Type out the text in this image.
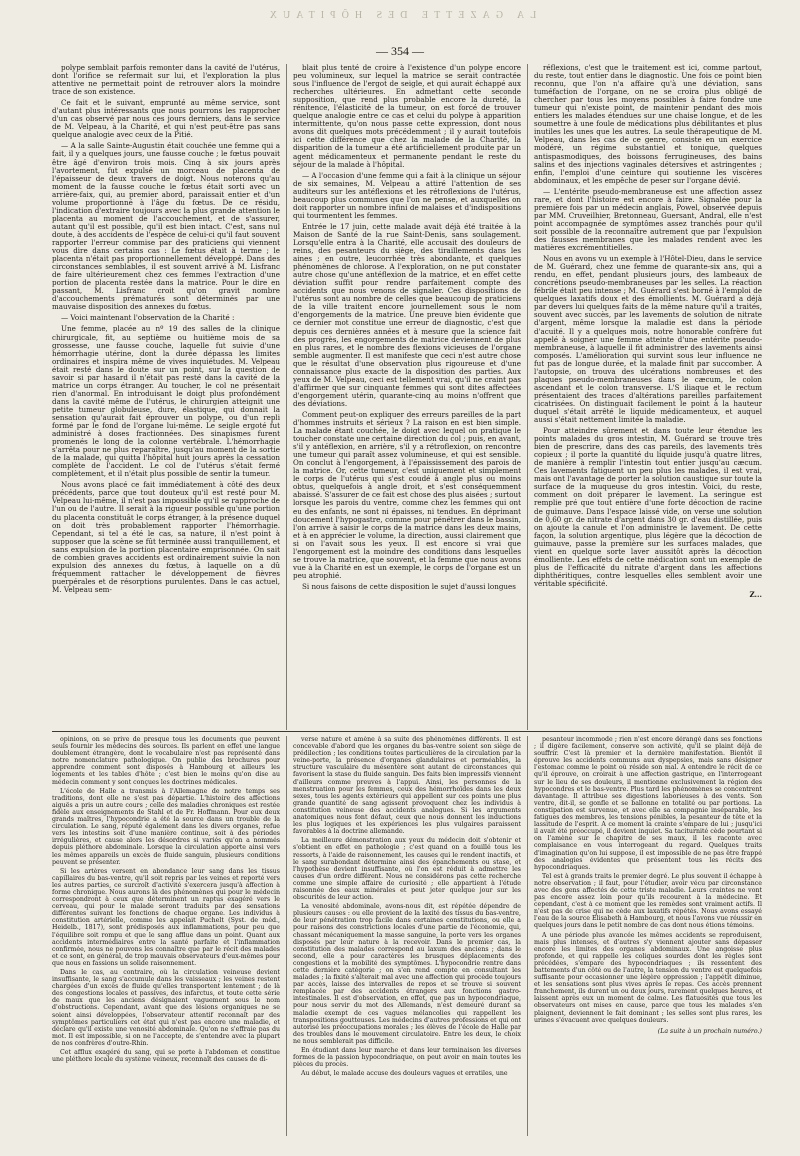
LA GAZETTE DES HÔPITAUX
— 354 —

polype semblait parfois remonter dans la cavité de l'utérus, dont l'orifice se refermait sur lui, et l'exploration la plus attentive ne permettait point de retrouver alors la moindre trace de son existence.

Ce fait et le suivant, emprunté au même service, sont d'autant plus intéressants que nous pourrons les rapprocher d'un cas observé par nous ces jours derniers, dans le service de M. Velpeau, à la Charité, et qui n'est peut-être pas sans quelque analogie avec ceux de la Pitié.

— A la salle Sainte-Augustin était couchée une femme qui a fait, il y a quelques jours, une fausse couche ; le fœtus pouvait être âgé d'environ trois mois. Cinq à six jours après l'avortement, fut expulsé un morceau de placenta de l'épaisseur de deux travers de doigt. Nous noterons qu'au moment de la fausse couche le fœtus était sorti avec un arrière-faix, qui, au premier abord, paraissait entier et d'un volume proportionné à l'âge du fœtus. De ce résidu, l'indication d'extraire toujours avec la plus grande attention le placenta au moment de l'accouchement, et de s'assurer, autant qu'il est possible, qu'il est bien intact. C'est, sans nul doute, à des accidents de l'espèce de celui-ci qu'il faut souvent rapporter l'erreur commise par des praticiens qui viennent vous dire dans certains cas : Le fœtus était à terme ; le placenta n'était pas proportionnellement développé. Dans des circonstances semblables, il est souvent arrivé à M. Lisfranc de faire ultérieurement chez ces femmes l'extraction d'une portion de placenta restée dans la matrice. Pour le dire en passant, M. Lisfranc croit qu'on gravit nombre d'accouchements prématurés sont déterminés par une mauvaise disposition des annexes du fœtus.

— Voici maintenant l'observation de la Charité :

Une femme, placée au nº 19 des salles de la clinique chirurgicale, fit, au septième ou huitième mois de sa grossesse, une fausse couche, laquelle fut suivie d'une hémorrhagie utérine, dont la durée dépassa les limites ordinaires et inspira même de vives inquiétudes. M. Velpeau était resté dans le doute sur un point, sur la question de savoir si par hasard il n'était pas resté dans la cavité de la matrice un corps étranger. Au toucher, le col ne présentait rien d'anormal. En introduisant le doigt plus profondément dans la cavité même de l'utérus, le chirurgien atteignit une petite tumeur globuleuse, dure, élastique, qui donnait la sensation qu'aurait fait éprouver un polype, ou d'un repli formé par le fond de l'organe lui-même. Le seigle ergoté fut administré à doses fractionnées. Des sinapismes furent promenés le long de la colonne vertébrale. L'hémorrhagie s'arrêta pour ne plus reparaître, jusqu'au moment de la sortie de la malade, qui quitta l'hôpital huit jours après la cessation complète de l'accident. Le col de l'utérus s'était fermé complètement, et il n'était plus possible de sentir la tumeur.

Nous avons placé ce fait immédiatement à côté des deux précédents, parce que tout douteux qu'il est resté pour M. Velpeau lui-même, il n'est pas impossible qu'il se rapproche de l'un ou de l'autre. Il serait à la rigueur possible qu'une portion du placenta constituât le corps étranger, à la présence duquel on doit très probablement rapporter l'hémorrhagie. Cependant, si tel a été le cas, sa nature, il n'est point à supposer que la scène se fût terminée aussi tranquillement, et sans expulsion de la portion placentaire emprisonnée. On sait de combien graves accidents est ordinairement suivie la non expulsion des annexes du fœtus, à laquelle on a dû fréquemment rattacher le développement de fièvres puerpérales et de résorptions purulentes. Dans le cas actuel, M. Velpeau sem-

blait plus tenté de croire à l'existence d'un polype encore peu volumineux, sur lequel la matrice se serait contractée sous l'influence de l'ergot de seigle, et qui aurait échappé aux recherches ultérieures. En admettant cette seconde supposition, que rend plus probable encore la dureté, la rénitence, l'élasticité de la tumeur, on est forcé de trouver quelque analogie entre ce cas et celui du polype à apparition intermittente, qu'on nous passe cette expression, dont nous avons dit quelques mots précédemment ; il y aurait toutefois ici cette différence que chez la malade de la Charité, la disparition de la tumeur a été artificiellement produite par un agent médicamenteux et permanente pendant le reste du séjour de la malade à l'hôpital.

— A l'occasion d'une femme qui a fait à la clinique un séjour de six semaines, M. Velpeau a attiré l'attention de ses auditeurs sur les antéflexions et les rétroflexions de l'utérus, beaucoup plus communes que l'on ne pense, et auxquelles on doit rapporter un nombre infini de malaises et d'indispositions qui tourmentent les femmes.

Entrée le 17 juin, cette malade avait déjà été traitée à la Maison de Santé de la rue Saint-Denis, sans soulagement. Lorsqu'elle entra à la Charité, elle accusait des douleurs de reins, des pesanteurs du siège, des tiraillements dans les aines ; en outre, leucorrhée très abondante, et quelques phénomènes de chlorose. A l'exploration, on ne put constater autre chose qu'une antéflexion de la matrice, et en effet cette déviation suffit pour rendre parfaitement compte des accidents que nous venons de signaler. Ces dispositions de l'utérus sont au nombre de celles que beaucoup de praticiens de la ville traitent encore journellement sous le nom d'engorgements de la matrice. Une preuve bien évidente que ce dernier mot constitue une erreur de diagnostic, c'est que depuis ces dernières années et à mesure que la science fait des progrès, les engorgements de matrice deviennent de plus en plus rares, et le nombre des flexions vicieuses de l'organe semble augmenter. Il est manifeste que ceci n'est autre chose que le résultat d'une observation plus rigoureuse et d'une connaissance plus exacte de la disposition des parties. Aux yeux de M. Velpeau, ceci est tellement vrai, qu'il ne craint pas d'affirmer que sur cinquante femmes qui sont dites affectées d'engorgement utérin, quarante-cinq au moins n'offrent que des déviations.

Comment peut-on expliquer des erreurs pareilles de la part d'hommes instruits et sérieux ? La raison en est bien simple. La malade étant couchée, le doigt avec lequel on pratique le toucher constate une certaine direction du col ; puis, en avant, s'il y antéflexion, en arrière, s'il y a rétroflexion, on rencontre une tumeur qui paraît assez volumineuse, et qui est sensible. On conclut à l'engorgement, à l'épaississement des parois de la matrice. Or, cette tumeur, c'est uniquement et simplement le corps de l'utérus qui s'est coudé à angle plus ou moins obtus, quelquefois à angle droit, et s'est conséquemment abaissé. S'assurer de ce fait est chose des plus aisées ; surtout lorsque les parois du ventre, comme chez les femmes qui ont eu des enfants, ne sont ni épaisses, ni tendues. En déprimant doucement l'hypogastre, comme pour pénétrer dans le bassin, l'on arrive à saisir le corps de la matrice dans les deux mains, et à en apprécier le volume, la direction, aussi clairement que si on l'avait sous les yeux. Il est encore si vrai que l'engorgement est la moindre des conditions dans lesquelles se trouve la matrice, que souvent, et la femme que nous avons vue à la Charité en est un exemple, le corps de l'organe est un peu atrophié.

Si nous faisons de cette disposition le sujet d'aussi longues

réflexions, c'est que le traitement est ici, comme partout, du reste, tout entier dans le diagnostic. Une fois ce point bien reconnu, que l'on n'a affaire qu'à une déviation, sans tuméfaction de l'organe, on ne se croira plus obligé de chercher par tous les moyens possibles à faire fondre une tumeur qui n'existe point, de maintenir pendant des mois entiers les malades étendues sur une chaise longue, et de les soumettre à une foule de médications plus débilitantes et plus inutiles les unes que les autres. La seule thérapeutique de M. Velpeau, dans les cas de ce genre, consiste en un exercice modéré, un régime substantiel et tonique, quelques antispasmodiques, des boissons ferrugineuses, des bains salins et des injections vaginales détersives et astringentes ; enfin, l'emploi d'une ceinture qui soutienne les viscères abdominaux, et les empêche de peser sur l'organe dévié.

— L'entérite pseudo-membraneuse est une affection assez rare, et dont l'histoire est encore à faire. Signalée pour la première fois par un médecin anglais, Powel, observée depuis par MM. Cruveilhier, Bretonneau, Guersant, Andral, elle n'est point accompagnée de symptômes assez tranchés pour qu'il soit possible de la reconnaître autrement que par l'expulsion des fausses membranes que les malades rendent avec les matières excrémentitielles.

Nous en avons vu un exemple à l'Hôtel-Dieu, dans le service de M. Guérard, chez une femme de quarante-six ans, qui a rendu, en effet, pendant plusieurs jours, des lambeaux de concrétions pseudo-membraneuses par les selles. La réaction fébrile était peu intense ; M. Guérard s'est borné à l'emploi de quelques laxatifs doux et des émollients. M. Guérard a déjà par devers lui quelques faits de la même nature qu'il a traités, souvent avec succès, par les lavements de solution de nitrate d'argent, même lorsque la maladie est dans la période d'acuité. Il y a quelques mois, notre honorable confrère fut appelé à soigner une femme atteinte d'une entérite pseudo-membraneuse, à laquelle il fit administrer des lavements ainsi composés. L'amélioration qui survint sous leur influence ne fut pas de longue durée, et la malade finit par succomber. A l'autopsie, on trouva des ulcérations nombreuses et des plaques pseudo-membraneuses dans le cæcum, le colon ascendant et le colon transverse. L'S iliaque et le rectum présentaient des traces d'altérations pareilles parfaitement cicatrisées. On distinguait facilement le point à la hauteur duquel s'était arrêté le liquide médicamenteux, et auquel aussi s'était nettement limitée la maladie.

Pour atteindre sûrement et dans toute leur étendue les points malades du gros intestin, M. Guérard se trouve très bien de prescrire, dans des cas pareils, des lavements très copieux ; il porte la quantité du liquide jusqu'à quatre litres, de manière à remplir l'intestin tout entier jusqu'au cæcum. Ces lavements fatiguent un peu plus les malades, il est vrai, mais ont l'avantage de porter la solution caustique sur toute la surface de la muqueuse du gros intestin. Voici, du reste, comment on doit préparer le lavement. La seringue est remplie pré que tout entière d'une forte décoction de racine de guimauve. Dans l'espace laissé vide, on verse une solution de 0,60 gr. de nitrate d'argent dans 30 gr. d'eau distillée, puis on ajoute la canule et l'on administre le lavement. De cette façon, la solution argentique, plus légère que la décoction de guimauve, passe la première sur les surfaces malades, que vient en quelque sorte laver aussitôt après la décoction émolliente. Les effets de cette médication sont un exemple de plus de l'efficacité du nitrate d'argent dans les affections diphthéritiques, contre lesquelles elles semblent avoir une véritable spécificité.

Z...

opinions, on se prive de presque tous les documents que peuvent seuls fournir les médecins des sources. Ils parlent en effet une langue doublement étrangère, dont le vocabulaire n'est pas représenté dans notre nomenclature pathologique. On publie des brochures pour apprendre comment sont disposés à Hambourg et ailleurs les logements et les tables d'hôte ; c'est bien le moins qu'on dise au médecin comment y sont conçues les doctrines médicales.

L'école de Halle a transmis à l'Allemagne de notre temps ses traditions, dont elle ne s'est pas départie. L'histoire des affections aiguës a pris un autre cours ; celle des maladies chroniques est restée fidèle aux enseignements de Stahl et de Fr. Hoffmann. Pour eux deux grands maîtres, l'hypocondrie a été la source dans un trouble de la circulation. Le sang, réputé également dans les divers organes, refue vers les intestins soit d'une manière continue, soit à des périodes irrégulières, et cause alors les désordres si variés qu'on a nommés depuis pléthore abdominale. Lorsque la circulation apporte ainsi vers les mêmes appareils un excès de fluide sanguin, plusieurs conditions peuvent se présenter.

Si les artères versent en abondance leur sang dans les tissus capillaires du bas-ventre, qu'il soit repris par les veines et reporté vers les autres parties, ce surcroît d'activité s'exercera jusqu'à affection à forme chronique. Nous aurons là des phénomènes qui pour le médecin correspondront à ceux que déterminent un raptus exagéré vers le cerveau, qui pour le malade seront traduits par des sensations différentes suivant les fonctions de chaque organe. Les individus à constitution artérielle, comme les appelait Puchelt (Syst. de méd., Heidelb., 1817), sont prédisposés aux inflammations, pour peu que l'équilibre soit rompu et que le sang afflue dans un point. Quant aux accidents intermédiaires entre la santé parfaite et l'inflammation confirmée, nous ne pouvons les connaître que par le récit des malades et ce sont, en général, de trop mauvais observateurs d'eux-mêmes pour que nous en fassions un solide raisonnement.

Dans le cas, au contraire, où la circulation veineuse devient insuffisante, le sang s'accumule dans les vaisseaux ; les veines restent chargées d'un excès de fluide qu'elles transportent lentement ; de là des congestions locales et passives, des infarctus, et toute cette série de maux que les anciens désignaient vaguement sous le nom d'obstructions. Cependant, avant que des lésions organiques ne se soient ainsi développées, l'observateur attentif reconnaît par des symptômes particuliers cet état qui n'est pas encore une maladie, et déclare qu'il existe une venosité abdominale. Qu'on ne s'effraie pas du mot. Il est impossible, si on ne l'accepte, de s'entendre avec la plupart de nos confrères d'outre-Rhin.

Cet afflux exagéré du sang, qui se porte à l'abdomen et constitue une pléthore locale du système veineux, reconnaît des causes de di-

verse nature et amène à sa suite des phénomènes différents. Il est concevable d'abord que les organes du bas-ventre soient son siège de prédilection ; les conditions toutes particulières de la circulation par la veine-porte, la présence d'organes glandulaires et perméables, la structure vasculaire du mésentère sont autant de circonstances qui favorisent la stase du fluide sanguin. Des faits bien impressifs viennent d'ailleurs comme preuves à l'appui. Ainsi, les personnes de la menstruation pour les femmes, ceux des hémorrhoïdes dans les deux sexes, tous les agents extérieurs qui appellent sur ces points une plus grande quantité de sang agissent provoquent chez les individus à constitution veineuse des accidents analogues. Si les arguments anatomiques nous font défaut, ceux que nous donnent les inductions les plus logiques et les expériences les plus vulgaires paraissent favorables à la doctrine allemande.

La meilleure démonstration aux yeux du médecin doit s'obtenir et s'obtient en effet en pathologie ; c'est quand on a fouillé tous les ressorts, à l'aide de raisonnement, les causes qui le rendent inactifs, et le sang surabondant détermine ainsi des épanchements ou stase, et l'hypothèse devient insuffisante, où l'on est réduit à admettre les causes d'un ordre différent. Nous ne considérons pas cette recherche comme une simple affaire de curiosité ; elle appartient à l'étude raisonnée des eaux minérales et peut jeter quelque jour sur les obscurités de leur action.

La venosité abdominale, avons-nous dit, est répétée dépendre de plusieurs causes : ou elle provient de la laxité des tissus du bas-ventre, de leur pénétration trop facile dans certaines constitutions, ou elle a pour raisons des constrictions locales d'une partie de l'économie, qui, chassant mécaniquement la masse sanguine, la porte vers les organes disposés par leur nature à la recevoir. Dans le premier cas, la constitution des malades correspond au laxum des anciens ; dans le second, elle a pour caractères les brusques déplacements des congestions et la mobilité des symptômes. L'hypocondrie rentre dans cette dernière catégorie ; on s'en rend compte en consultant les malades ; la fixité s'alterait mal avec une affection qui procède toujours par accès, laisse des intervalles de repos et se trouve si souvent remplacée par des accidents étrangers aux fonctions gastro-intestinales. Il est d'observation, en effet, que pas un hypocondriaque, pour nous servir du mot des Allemands, n'est demeuré durant sa maladie exempt de ces vagues mélancolies qui rappellent les transpositions goutteuses. Les médecins d'autres professions et qui ont autorisé les préoccupations morales ; les élèves de l'école de Halle par des troubles dans le mouvement circulatoire. Entre les deux, le choix ne nous semblerait pas difficile.

En étudiant dans leur marche et dans leur terminaison les diverses formes de la passion hypocondriaque, on peut avoir en main toutes les pièces du procès.

Au début, le malade accuse des douleurs vagues et erratiles, une

pesanteur incommode ; rien n'est encore dérangé dans ses fonctions ; il digère facilement, conserve son activité, qu'il se plaint déjà de souffrir. C'est là premier et la dernière manifestation. Bientôt il éprouve les accidents communs aux dyspepsies, mais sans désigner l'estomac comme le point où réside son mal. A entendre le récit de ce qu'il éprouve, on croirait à une affection gastrique, en l'interrogeant sur le lieu de ses douleurs, il mentionne exclusivement la région des hypocondres et le bas-ventre. Plus tard les phénomènes se concentrent davantage. Il attribue ses digestions laborieuses à des vents. Son ventre, dit-il, se gonfle et se ballonne en totalité ou par portions. La constipation est survenue, et avec elle sa compagnie inséparable, les fatigues des membres, les tensions pénibles, la pesanteur de tête et la lassitude de l'esprit. A ce moment la crainte s'empare de lui ; jusqu'ici il avait été préoccupé, il devient inquiet. Sa taciturnité cède pourtant si on l'amène sur le chapitre de ses maux, il les raconte avec complaisance en vous interrogeant du regard. Quelques traits d'imagination qu'on lui suppose, il est impossible de ne pas être frappé des analogies évidentes que présentent tous les récits des hypocondriaques.

Tel est à grands traits le premier degré. Le plus souvent il échappe à notre observation ; il faut, pour l'étudier, avoir vécu par circonstance avec des gens affectés de cette triste maladie. Leurs craintes ne vont pas encore assez loin pour qu'ils recourent à la médecine. Et cependant, c'est à ce moment que les remèdes sont vraiment actifs. Il n'est pas de crise qui ne cède aux laxatifs répétés. Nous avons essayé l'eau de la source Elisabeth à Hambourg, et nous l'avons vue réussir en quelques jours dans le petit nombre de cas dont nous étions témoins.

A une période plus avancée les mêmes accidents se reproduisent, mais plus intenses, et d'autres s'y viennent ajouter sans dépasser encore les limites des organes abdominaux. Une angoisse plus profonde, et qui rappelle les coliques sourdes dont les règles sont précédées, s'empare des hypocondriaques ; ils ressentent des battements d'un côté ou de l'autre, la tension du ventre est quelquefois suffisante pour occasionner une légère oppression ; l'appétit diminue, et les sensations sont plus vives après le repas. Ces accès prennent franchement, ils durent un ou deux jours, rarement quelques heures, et laissent après eux un moment de calme. Les flatuosités que tous les observateurs ont mises en cause, parce que tous les malades s'en plaignent, deviennent le fait dominant ; les selles sont plus rares, les urines s'évacuent avec quelques douleurs.

(La suite à un prochain numéro.)
